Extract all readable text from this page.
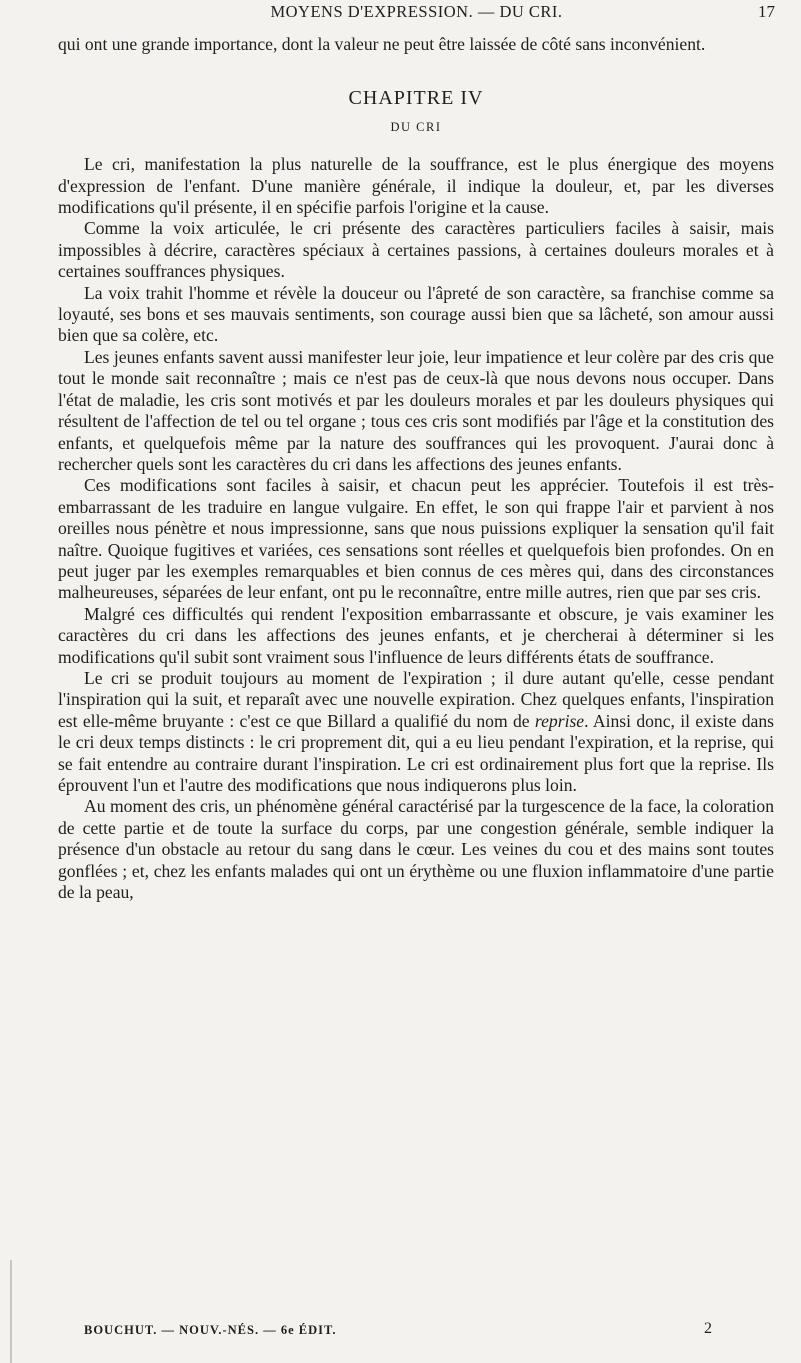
MOYENS D'EXPRESSION. — DU CRI.	17

qui ont une grande importance, dont la valeur ne peut être laissée de côté sans inconvénient.

CHAPITRE IV
DU CRI

Le cri, manifestation la plus naturelle de la souffrance, est le plus énergique des moyens d'expression de l'enfant. D'une manière générale, il indique la douleur, et, par les diverses modifications qu'il présente, il en spécifie parfois l'origine et la cause.

Comme la voix articulée, le cri présente des caractères particuliers faciles à saisir, mais impossibles à décrire, caractères spéciaux à certaines passions, à certaines douleurs morales et à certaines souffrances physiques.

La voix trahit l'homme et révèle la douceur ou l'âpreté de son caractère, sa franchise comme sa loyauté, ses bons et ses mauvais sentiments, son courage aussi bien que sa lâcheté, son amour aussi bien que sa colère, etc.

Les jeunes enfants savent aussi manifester leur joie, leur impatience et leur colère par des cris que tout le monde sait reconnaître ; mais ce n'est pas de ceux-là que nous devons nous occuper. Dans l'état de maladie, les cris sont motivés et par les douleurs morales et par les douleurs physiques qui résultent de l'affection de tel ou tel organe ; tous ces cris sont modifiés par l'âge et la constitution des enfants, et quelquefois même par la nature des souffrances qui les provoquent. J'aurai donc à rechercher quels sont les caractères du cri dans les affections des jeunes enfants.

Ces modifications sont faciles à saisir, et chacun peut les apprécier. Toutefois il est très-embarrassant de les traduire en langue vulgaire. En effet, le son qui frappe l'air et parvient à nos oreilles nous pénètre et nous impressionne, sans que nous puissions expliquer la sensation qu'il fait naître. Quoique fugitives et variées, ces sensations sont réelles et quelquefois bien profondes. On en peut juger par les exemples remarquables et bien connus de ces mères qui, dans des circonstances malheureuses, séparées de leur enfant, ont pu le reconnaître, entre mille autres, rien que par ses cris.

Malgré ces difficultés qui rendent l'exposition embarrassante et obscure, je vais examiner les caractères du cri dans les affections des jeunes enfants, et je chercherai à déterminer si les modifications qu'il subit sont vraiment sous l'influence de leurs différents états de souffrance.

Le cri se produit toujours au moment de l'expiration ; il dure autant qu'elle, cesse pendant l'inspiration qui la suit, et reparaît avec une nouvelle expiration. Chez quelques enfants, l'inspiration est elle-même bruyante : c'est ce que Billard a qualifié du nom de reprise. Ainsi donc, il existe dans le cri deux temps distincts : le cri proprement dit, qui a eu lieu pendant l'expiration, et la reprise, qui se fait entendre au contraire durant l'inspiration. Le cri est ordinairement plus fort que la reprise. Ils éprouvent l'un et l'autre des modifications que nous indiquerons plus loin.

Au moment des cris, un phénomène général caractérisé par la turgescence de la face, la coloration de cette partie et de toute la surface du corps, par une congestion générale, semble indiquer la présence d'un obstacle au retour du sang dans le cœur. Les veines du cou et des mains sont toutes gonflées ; et, chez les enfants malades qui ont un érythème ou une fluxion inflammatoire d'une partie de la peau,

BOUCHUT. — NOUV.-NÉS. — 6e ÉDIT.	2
